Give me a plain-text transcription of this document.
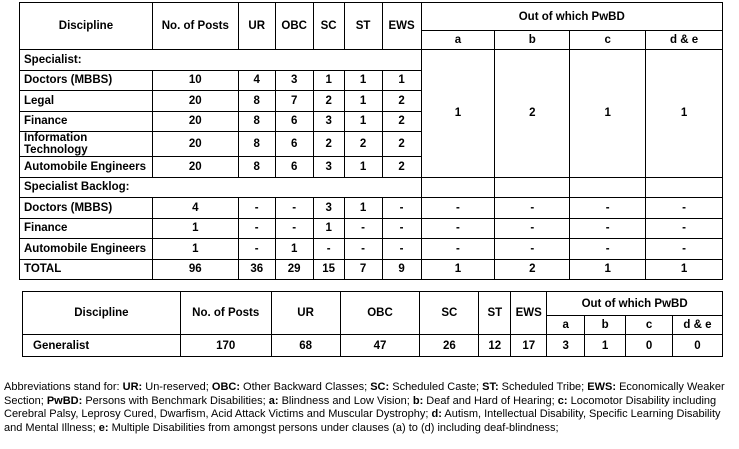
Discipline	No. of Posts	UR	OBC	SC	ST	EWS	Out of which PwBD			
							a	b	c	d & e
Specialist:							1	2	1	1
Doctors (MBBS)	10	4	3	1	1	1				
Legal	20	8	7	2	1	2				
Finance	20	8	6	3	1	2				
Information Technology	20	8	6	2	2	2				
Automobile Engineers	20	8	6	3	1	2				
Specialist Backlog:										
Doctors (MBBS)	4	-	-	3	1	-	-	-	-	-
Finance	1	-	-	1	-	-	-	-	-	-
Automobile Engineers	1	-	1	-	-	-	-	-	-	-
TOTAL	96	36	29	15	7	9	1	2	1	1
Discipline	No. of Posts	UR	OBC	SC	ST	EWS	Out of which PwBD			
							a	b	c	d & e
Generalist	170	68	47	26	12	17	3	1	0	0
Abbreviations stand for: UR: Un-reserved; OBC: Other Backward Classes; SC: Scheduled Caste; ST: Scheduled Tribe; EWS: Economically Weaker Section; PwBD: Persons with Benchmark Disabilities; a: Blindness and Low Vision; b: Deaf and Hard of Hearing; c: Locomotor Disability including Cerebral Palsy, Leprosy Cured, Dwarfism, Acid Attack Victims and Muscular Dystrophy; d: Autism, Intellectual Disability, Specific Learning Disability and Mental Illness; e: Multiple Disabilities from amongst persons under clauses (a) to (d) including deaf-blindness;
